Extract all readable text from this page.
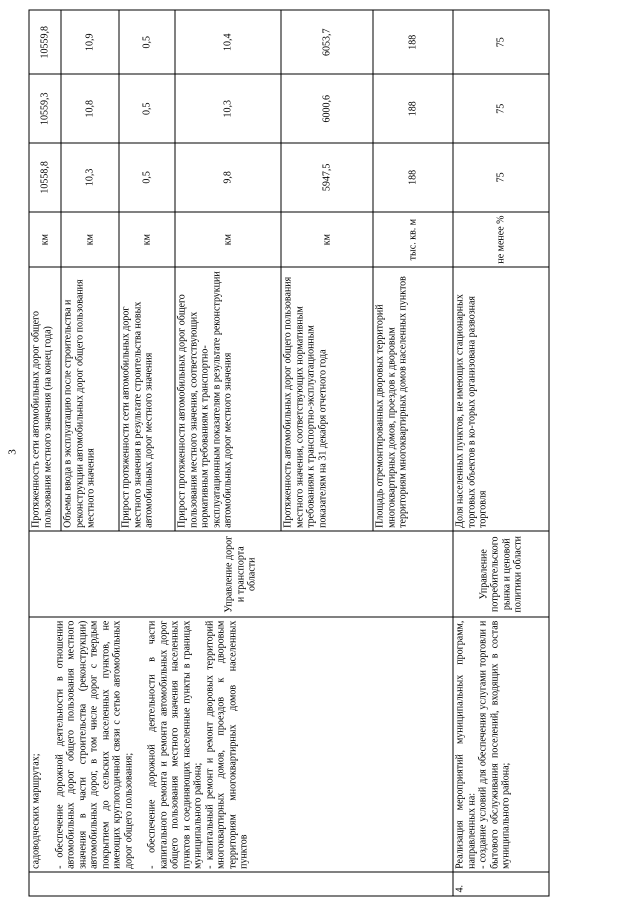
3

	садоводческих маршрутах; - обеспечение дорожной деятельности в отношении автомобильных дорог общего пользования местного значения в части строительства (реконструкции) автомобильных дорог, в том числе дорог с твердым покрытием до сельских населенных пунктов, не имеющих круглогодичной связи с сетью автомобильных дорог общего пользования; - обеспечение дорожной деятельности в части капитального ремонта и ремонта автомобильных дорог общего пользования местного значения населенных пунктов и соединяющих населенные пункты в границах муниципального района; - капитальный ремонт и ремонт дворовых территорий многоквартирных домов, проездов к дворовым территориям многоквартирных домов населенных пунктов	Управление дорог и транспорта области	Протяженность сети автомобильных дорог общего пользования местного значения (на конец года)	км	10558,8	10559,3	10559,8
			Объемы ввода в эксплуатацию после строительства и реконструкции автомобильных дорог общего пользования местного значения	км	10,3	10,8	10,9
			Прирост протяженности сети автомобильных дорог местного значения в результате строительства новых автомобильных дорог местного значения	км	0,5	0,5	0,5
			Прирост протяженности автомобильных дорог общего пользования местного значения, соответствующих нормативным требованиям к транспортно-эксплуатационным показателям в результате реконструкции автомобильных дорог местного значения	км	9,8	10,3	10,4
			Протяженность автомобильных дорог общего пользования местного значения, соответствующих нормативным требованиям к транспортно-эксплуатационным показателям на 31 декабря отчетного года	км	5947,5	6000,6	6053,7
			Площадь отремонтированных дворовых территорий многоквартирных домов, проездов к дворовым территориям многоквартирных домов населенных пунктов	тыс. кв. м	188	188	188
4.	Реализация мероприятий муниципальных программ, направленных на: - создание условий для обеспечения услугами торговли и бытового обслуживания поселений, входящих в состав муниципального района;	Управление потребительского рынка и ценовой политики области	Доля населенных пунктов, не имеющих стационарных торговых объектов в ко-торых организована развозная торговля	не менее %	75	75	75
